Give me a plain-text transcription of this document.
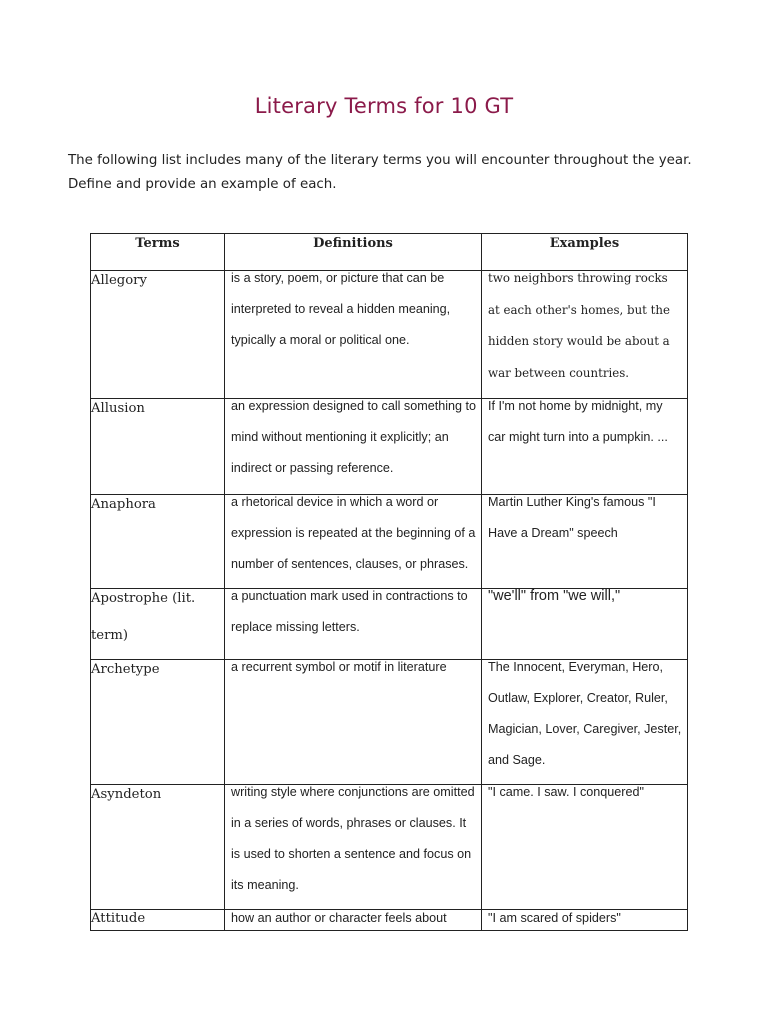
Literary Terms for 10 GT

The following list includes many of the literary terms you will encounter throughout the year.

Define and provide an example of each.

Terms	Definitions	Examples

Allegory	is a story, poem, or picture that can be interpreted to reveal a hidden meaning, typically a moral or political one.	two neighbors throwing rocks at each other's homes, but the hidden story would be about a war between countries.

Allusion	an expression designed to call something to mind without mentioning it explicitly; an indirect or passing reference.	If I'm not home by midnight, my car might turn into a pumpkin. ...

Anaphora	a rhetorical device in which a word or expression is repeated at the beginning of a number of sentences, clauses, or phrases.	Martin Luther King's famous "I Have a Dream" speech

Apostrophe (lit. term)	a punctuation mark used in contractions to replace missing letters.	"we'll" from "we will,"

Archetype	a recurrent symbol or motif in literature	The Innocent, Everyman, Hero, Outlaw, Explorer, Creator, Ruler, Magician, Lover, Caregiver, Jester, and Sage.

Asyndeton	writing style where conjunctions are omitted in a series of words, phrases or clauses. It is used to shorten a sentence and focus on its meaning.	"I came. I saw. I conquered"

Attitude	how an author or character feels about	"I am scared of spiders"
